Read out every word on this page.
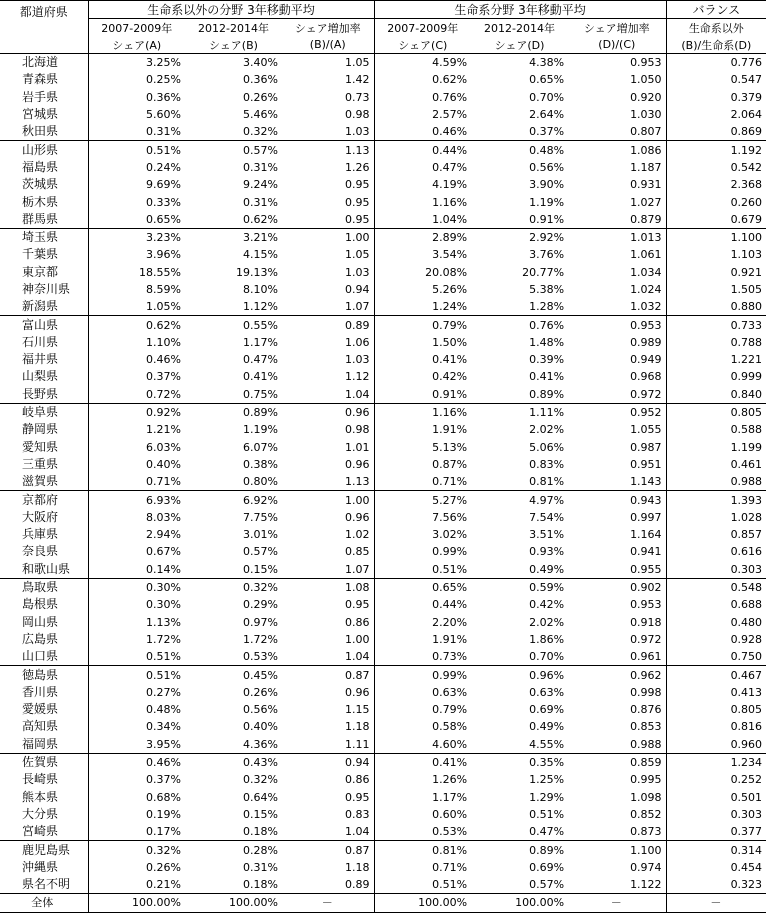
都道府県	生命系以外の分野 3年移動平均			生命系分野 3年移動平均			バランス
	2007-2009年	2012-2014年	シェア増加率	2007-2009年	2012-2014年	シェア増加率	生命系以外
	シェア(A)	シェア(B)	(B)/(A)	シェア(C)	シェア(D)	(D)/(C)	(B)/生命系(D)
北海道	3.25%	3.40%	1.05	4.59%	4.38%	0.953	0.776
青森県	0.25%	0.36%	1.42	0.62%	0.65%	1.050	0.547
岩手県	0.36%	0.26%	0.73	0.76%	0.70%	0.920	0.379
宮城県	5.60%	5.46%	0.98	2.57%	2.64%	1.030	2.064
秋田県	0.31%	0.32%	1.03	0.46%	0.37%	0.807	0.869
山形県	0.51%	0.57%	1.13	0.44%	0.48%	1.086	1.192
福島県	0.24%	0.31%	1.26	0.47%	0.56%	1.187	0.542
茨城県	9.69%	9.24%	0.95	4.19%	3.90%	0.931	2.368
栃木県	0.33%	0.31%	0.95	1.16%	1.19%	1.027	0.260
群馬県	0.65%	0.62%	0.95	1.04%	0.91%	0.879	0.679
埼玉県	3.23%	3.21%	1.00	2.89%	2.92%	1.013	1.100
千葉県	3.96%	4.15%	1.05	3.54%	3.76%	1.061	1.103
東京都	18.55%	19.13%	1.03	20.08%	20.77%	1.034	0.921
神奈川県	8.59%	8.10%	0.94	5.26%	5.38%	1.024	1.505
新潟県	1.05%	1.12%	1.07	1.24%	1.28%	1.032	0.880
富山県	0.62%	0.55%	0.89	0.79%	0.76%	0.953	0.733
石川県	1.10%	1.17%	1.06	1.50%	1.48%	0.989	0.788
福井県	0.46%	0.47%	1.03	0.41%	0.39%	0.949	1.221
山梨県	0.37%	0.41%	1.12	0.42%	0.41%	0.968	0.999
長野県	0.72%	0.75%	1.04	0.91%	0.89%	0.972	0.840
岐阜県	0.92%	0.89%	0.96	1.16%	1.11%	0.952	0.805
静岡県	1.21%	1.19%	0.98	1.91%	2.02%	1.055	0.588
愛知県	6.03%	6.07%	1.01	5.13%	5.06%	0.987	1.199
三重県	0.40%	0.38%	0.96	0.87%	0.83%	0.951	0.461
滋賀県	0.71%	0.80%	1.13	0.71%	0.81%	1.143	0.988
京都府	6.93%	6.92%	1.00	5.27%	4.97%	0.943	1.393
大阪府	8.03%	7.75%	0.96	7.56%	7.54%	0.997	1.028
兵庫県	2.94%	3.01%	1.02	3.02%	3.51%	1.164	0.857
奈良県	0.67%	0.57%	0.85	0.99%	0.93%	0.941	0.616
和歌山県	0.14%	0.15%	1.07	0.51%	0.49%	0.955	0.303
鳥取県	0.30%	0.32%	1.08	0.65%	0.59%	0.902	0.548
島根県	0.30%	0.29%	0.95	0.44%	0.42%	0.953	0.688
岡山県	1.13%	0.97%	0.86	2.20%	2.02%	0.918	0.480
広島県	1.72%	1.72%	1.00	1.91%	1.86%	0.972	0.928
山口県	0.51%	0.53%	1.04	0.73%	0.70%	0.961	0.750
徳島県	0.51%	0.45%	0.87	0.99%	0.96%	0.962	0.467
香川県	0.27%	0.26%	0.96	0.63%	0.63%	0.998	0.413
愛媛県	0.48%	0.56%	1.15	0.79%	0.69%	0.876	0.805
高知県	0.34%	0.40%	1.18	0.58%	0.49%	0.853	0.816
福岡県	3.95%	4.36%	1.11	4.60%	4.55%	0.988	0.960
佐賀県	0.46%	0.43%	0.94	0.41%	0.35%	0.859	1.234
長崎県	0.37%	0.32%	0.86	1.26%	1.25%	0.995	0.252
熊本県	0.68%	0.64%	0.95	1.17%	1.29%	1.098	0.501
大分県	0.19%	0.15%	0.83	0.60%	0.51%	0.852	0.303
宮崎県	0.17%	0.18%	1.04	0.53%	0.47%	0.873	0.377
鹿児島県	0.32%	0.28%	0.87	0.81%	0.89%	1.100	0.314
沖縄県	0.26%	0.31%	1.18	0.71%	0.69%	0.974	0.454
県名不明	0.21%	0.18%	0.89	0.51%	0.57%	1.122	0.323
全体	100.00%	100.00%	－	100.00%	100.00%	－	－
